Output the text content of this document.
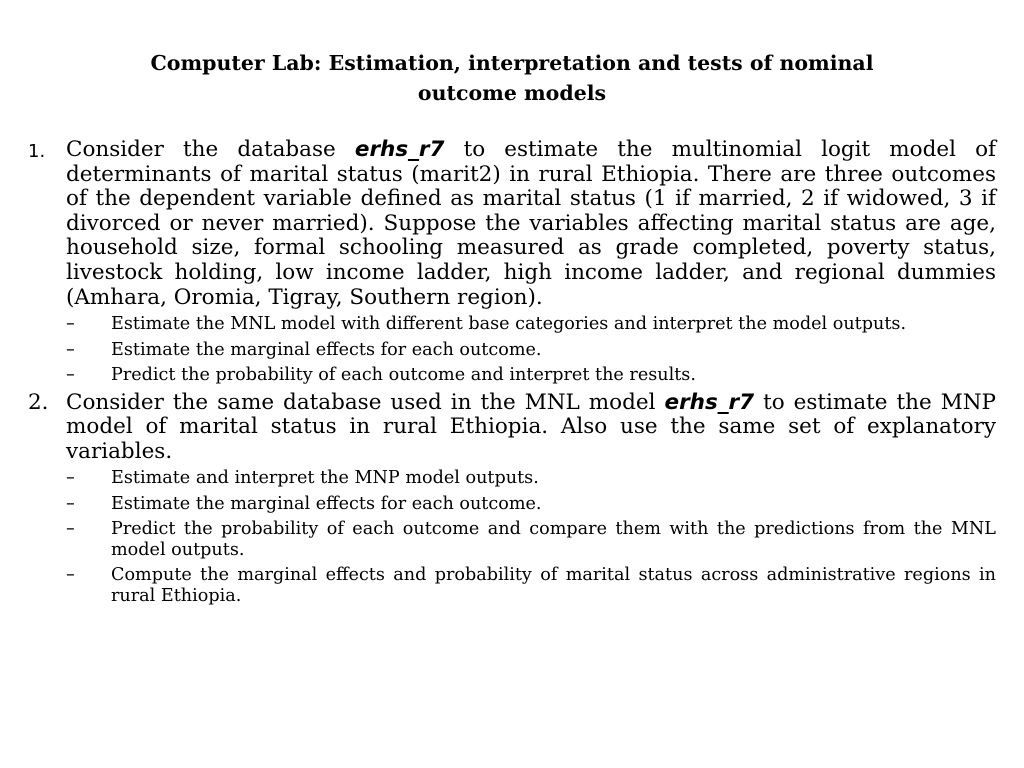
Computer Lab: Estimation, interpretation and tests of nominal
outcome models

1. Consider the database erhs_r7 to estimate the multinomial logit model of determinants of marital status (marit2) in rural Ethiopia. There are three outcomes of the dependent variable defined as marital status (1 if married, 2 if widowed, 3 if divorced or never married). Suppose the variables affecting marital status are age, household size, formal schooling measured as grade completed, poverty status, livestock holding, low income ladder, high income ladder, and regional dummies (Amhara, Oromia, Tigray, Southern region).

– Estimate the MNL model with different base categories and interpret the model outputs.
– Estimate the marginal effects for each outcome.
– Predict the probability of each outcome and interpret the results.

2. Consider the same database used in the MNL model erhs_r7 to estimate the MNP model of marital status in rural Ethiopia. Also use the same set of explanatory variables.

– Estimate and interpret the MNP model outputs.
– Estimate the marginal effects for each outcome.
– Predict the probability of each outcome and compare them with the predictions from the MNL model outputs.
– Compute the marginal effects and probability of marital status across administrative regions in rural Ethiopia.
